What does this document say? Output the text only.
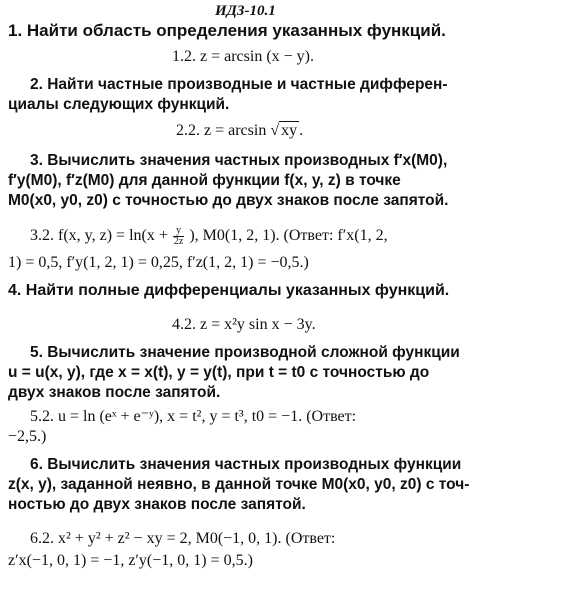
ИДЗ-10.1
1. Найти область определения указанных функций.
1.2. z = arcsin (x − y).
2. Найти частные производные и частные дифферен-
циалы следующих функций.
2.2. z = arcsin √ xy .
3. Вычислить значения частных производных f′x(M0),
f′y(M0), f′z(M0) для данной функции f(x, y, z) в точке
M0(x0, y0, z0) с точностью до двух знаков после запятой.
3.2. f(x, y, $z) = \ln(x + \frac{y}{2z}$ ), M0(1, 2, 1). (Ответ: f′x(1, 2,
1) = 0,5, f′y(1, 2, 1) = 0,25, f′z(1, 2, 1) = −0,5.)
4. Найти полные дифференциалы указанных функций.
4.2. z = x²y sin x − 3y.
5. Вычислить значение производной сложной функции
u = u(x, y), где x = x(t), y = y(t), при t = t0 с точностью до
двух знаков после запятой.
5.2. u = ln (eˣ + e⁻ʸ), x = t², y = t³, t0 = −1. (Ответ:
−2,5.)
6. Вычислить значения частных производных функции
z(x, y), заданной неявно, в данной точке M0(x0, y0, z0) с точ-
ностью до двух знаков после запятой.
6.2. x² + y² + z² − xy = 2, M0(−1, 0, 1). (Ответ:
z′x(−1, 0, 1) = −1, z′y(−1, 0, 1) = 0,5.)
